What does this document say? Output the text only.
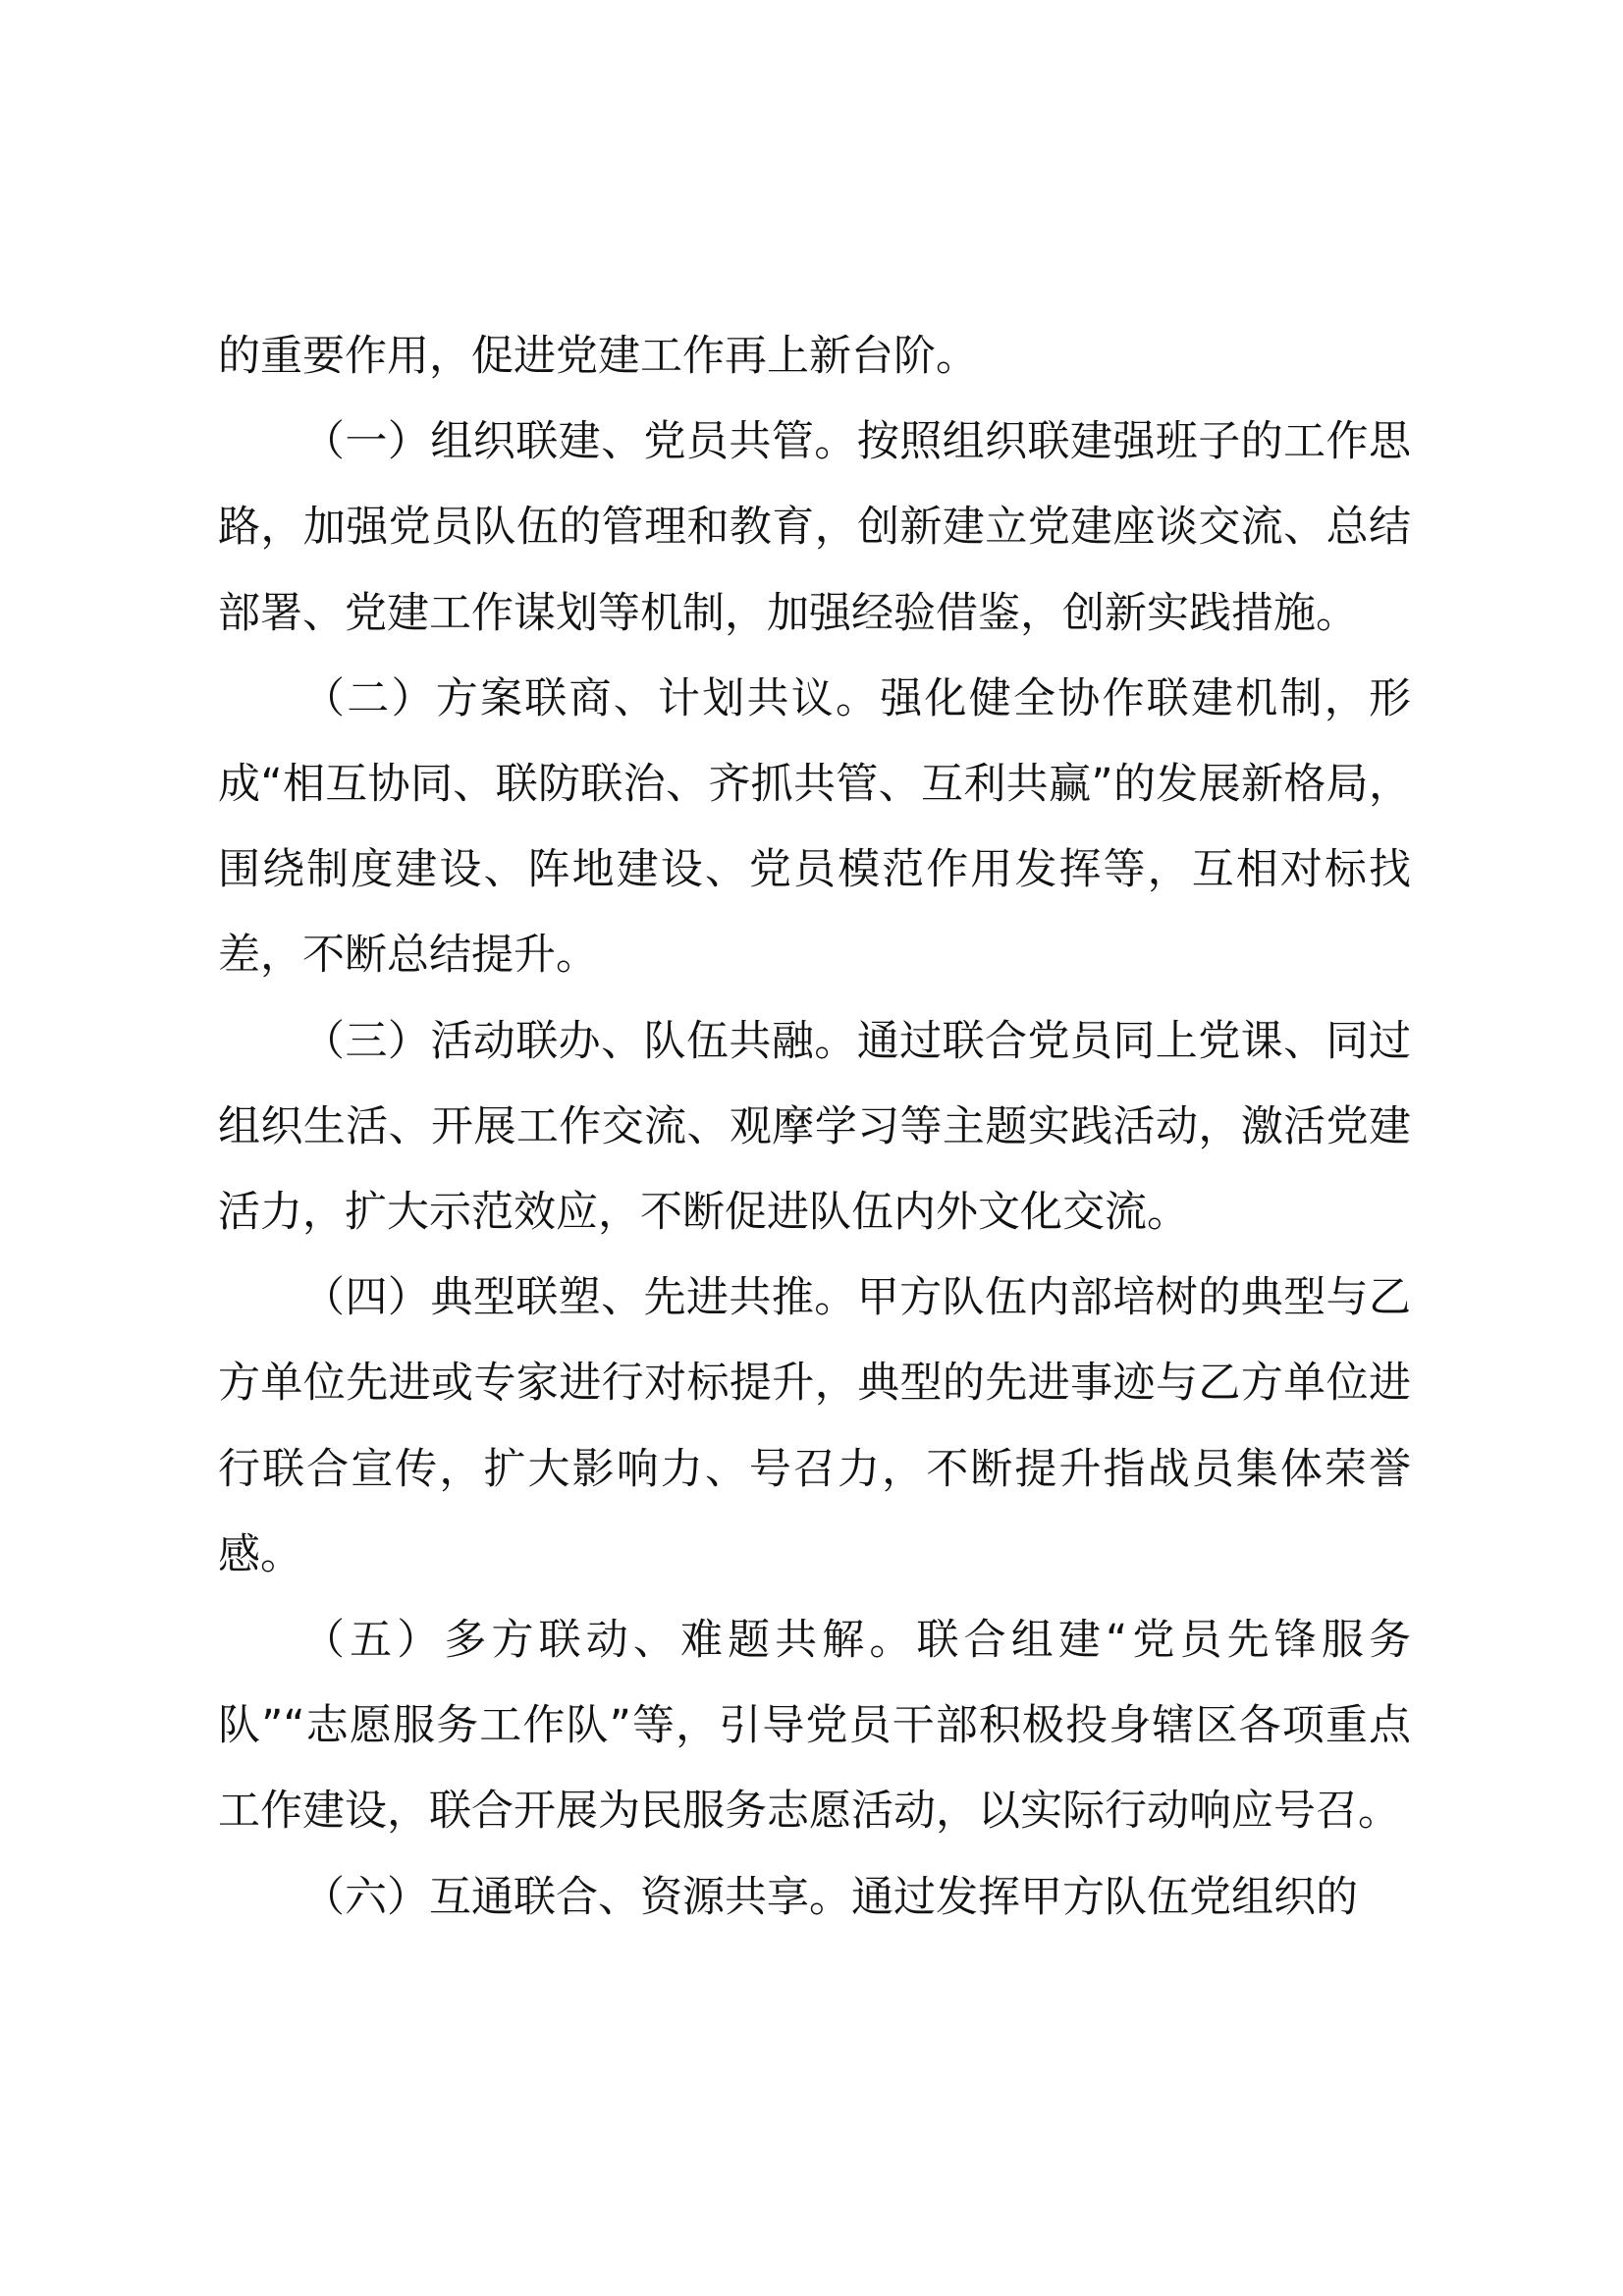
的重要作用，促进党建工作再上新台阶。

（一）组织联建、党员共管。按照组织联建强班子的工作思路，加强党员队伍的管理和教育，创新建立党建座谈交流、总结部署、党建工作谋划等机制，加强经验借鉴，创新实践措施。

（二）方案联商、计划共议。强化健全协作联建机制，形成“相互协同、联防联治、齐抓共管、互利共赢”的发展新格局，围绕制度建设、阵地建设、党员模范作用发挥等，互相对标找差，不断总结提升。

（三）活动联办、队伍共融。通过联合党员同上党课、同过组织生活、开展工作交流、观摩学习等主题实践活动，激活党建活力，扩大示范效应，不断促进队伍内外文化交流。

（四）典型联塑、先进共推。甲方队伍内部培树的典型与乙方单位先进或专家进行对标提升，典型的先进事迹与乙方单位进行联合宣传，扩大影响力、号召力，不断提升指战员集体荣誉感。

（五）多方联动、难题共解。联合组建“党员先锋服务队”“志愿服务工作队”等，引导党员干部积极投身辖区各项重点工作建设，联合开展为民服务志愿活动，以实际行动响应号召。

（六）互通联合、资源共享。通过发挥甲方队伍党组织的
